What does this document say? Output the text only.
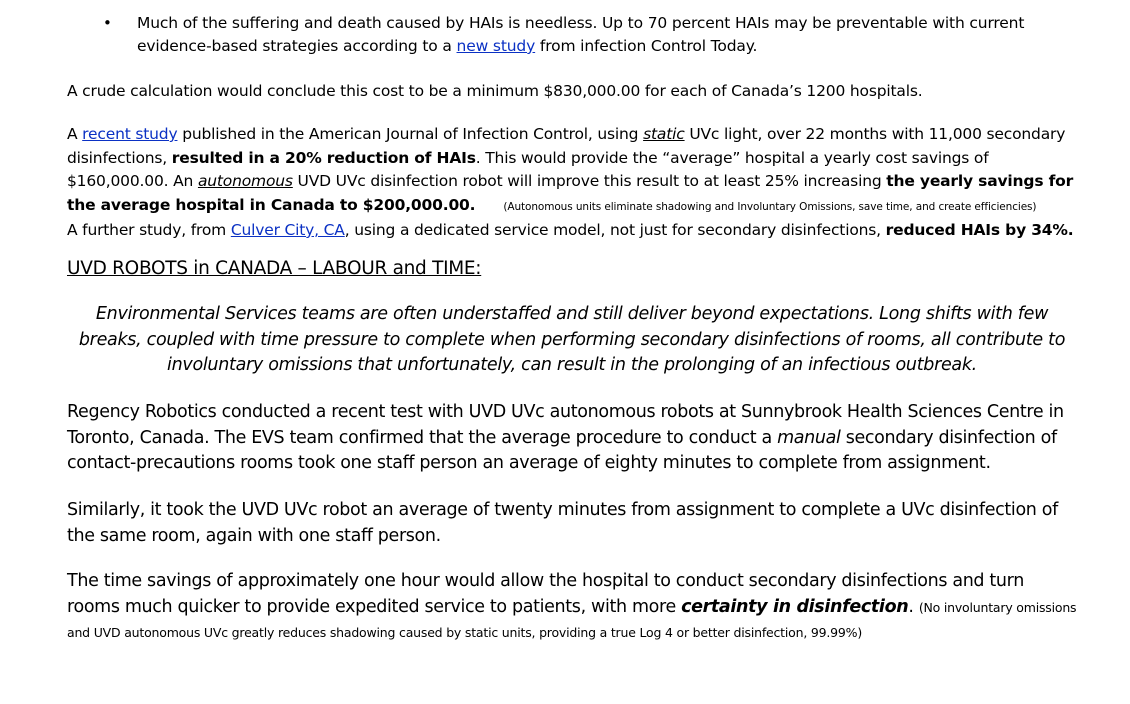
• Much of the suffering and death caused by HAIs is needless. Up to 70 percent HAIs may be preventable with current evidence-based strategies according to a new study from infection Control Today.
A crude calculation would conclude this cost to be a minimum $830,000.00 for each of Canada’s 1200 hospitals.
A recent study published in the American Journal of Infection Control, using static UVc light, over 22 months with 11,000 secondary disinfections, resulted in a 20% reduction of HAIs. This would provide the “average” hospital a yearly cost savings of $160,000.00. An autonomous UVD UVc disinfection robot will improve this result to at least 25% increasing the yearly savings for the average hospital in Canada to $200,000.00.	(Autonomous units eliminate shadowing and Involuntary Omissions, save time, and create efficiencies)
A further study, from Culver City, CA, using a dedicated service model, not just for secondary disinfections, reduced HAIs by 34%.
UVD ROBOTS in CANADA – LABOUR and TIME:
Environmental Services teams are often understaffed and still deliver beyond expectations. Long shifts with few breaks, coupled with time pressure to complete when performing secondary disinfections of rooms, all contribute to involuntary omissions that unfortunately, can result in the prolonging of an infectious outbreak.
Regency Robotics conducted a recent test with UVD UVc autonomous robots at Sunnybrook Health Sciences Centre in Toronto, Canada. The EVS team confirmed that the average procedure to conduct a manual secondary disinfection of contact-precautions rooms took one staff person an average of eighty minutes to complete from assignment.
Similarly, it took the UVD UVc robot an average of twenty minutes from assignment to complete a UVc disinfection of the same room, again with one staff person.
The time savings of approximately one hour would allow the hospital to conduct secondary disinfections and turn rooms much quicker to provide expedited service to patients, with more certainty in disinfection. (No involuntary omissions and UVD autonomous UVc greatly reduces shadowing caused by static units, providing a true Log 4 or better disinfection, 99.99%)
